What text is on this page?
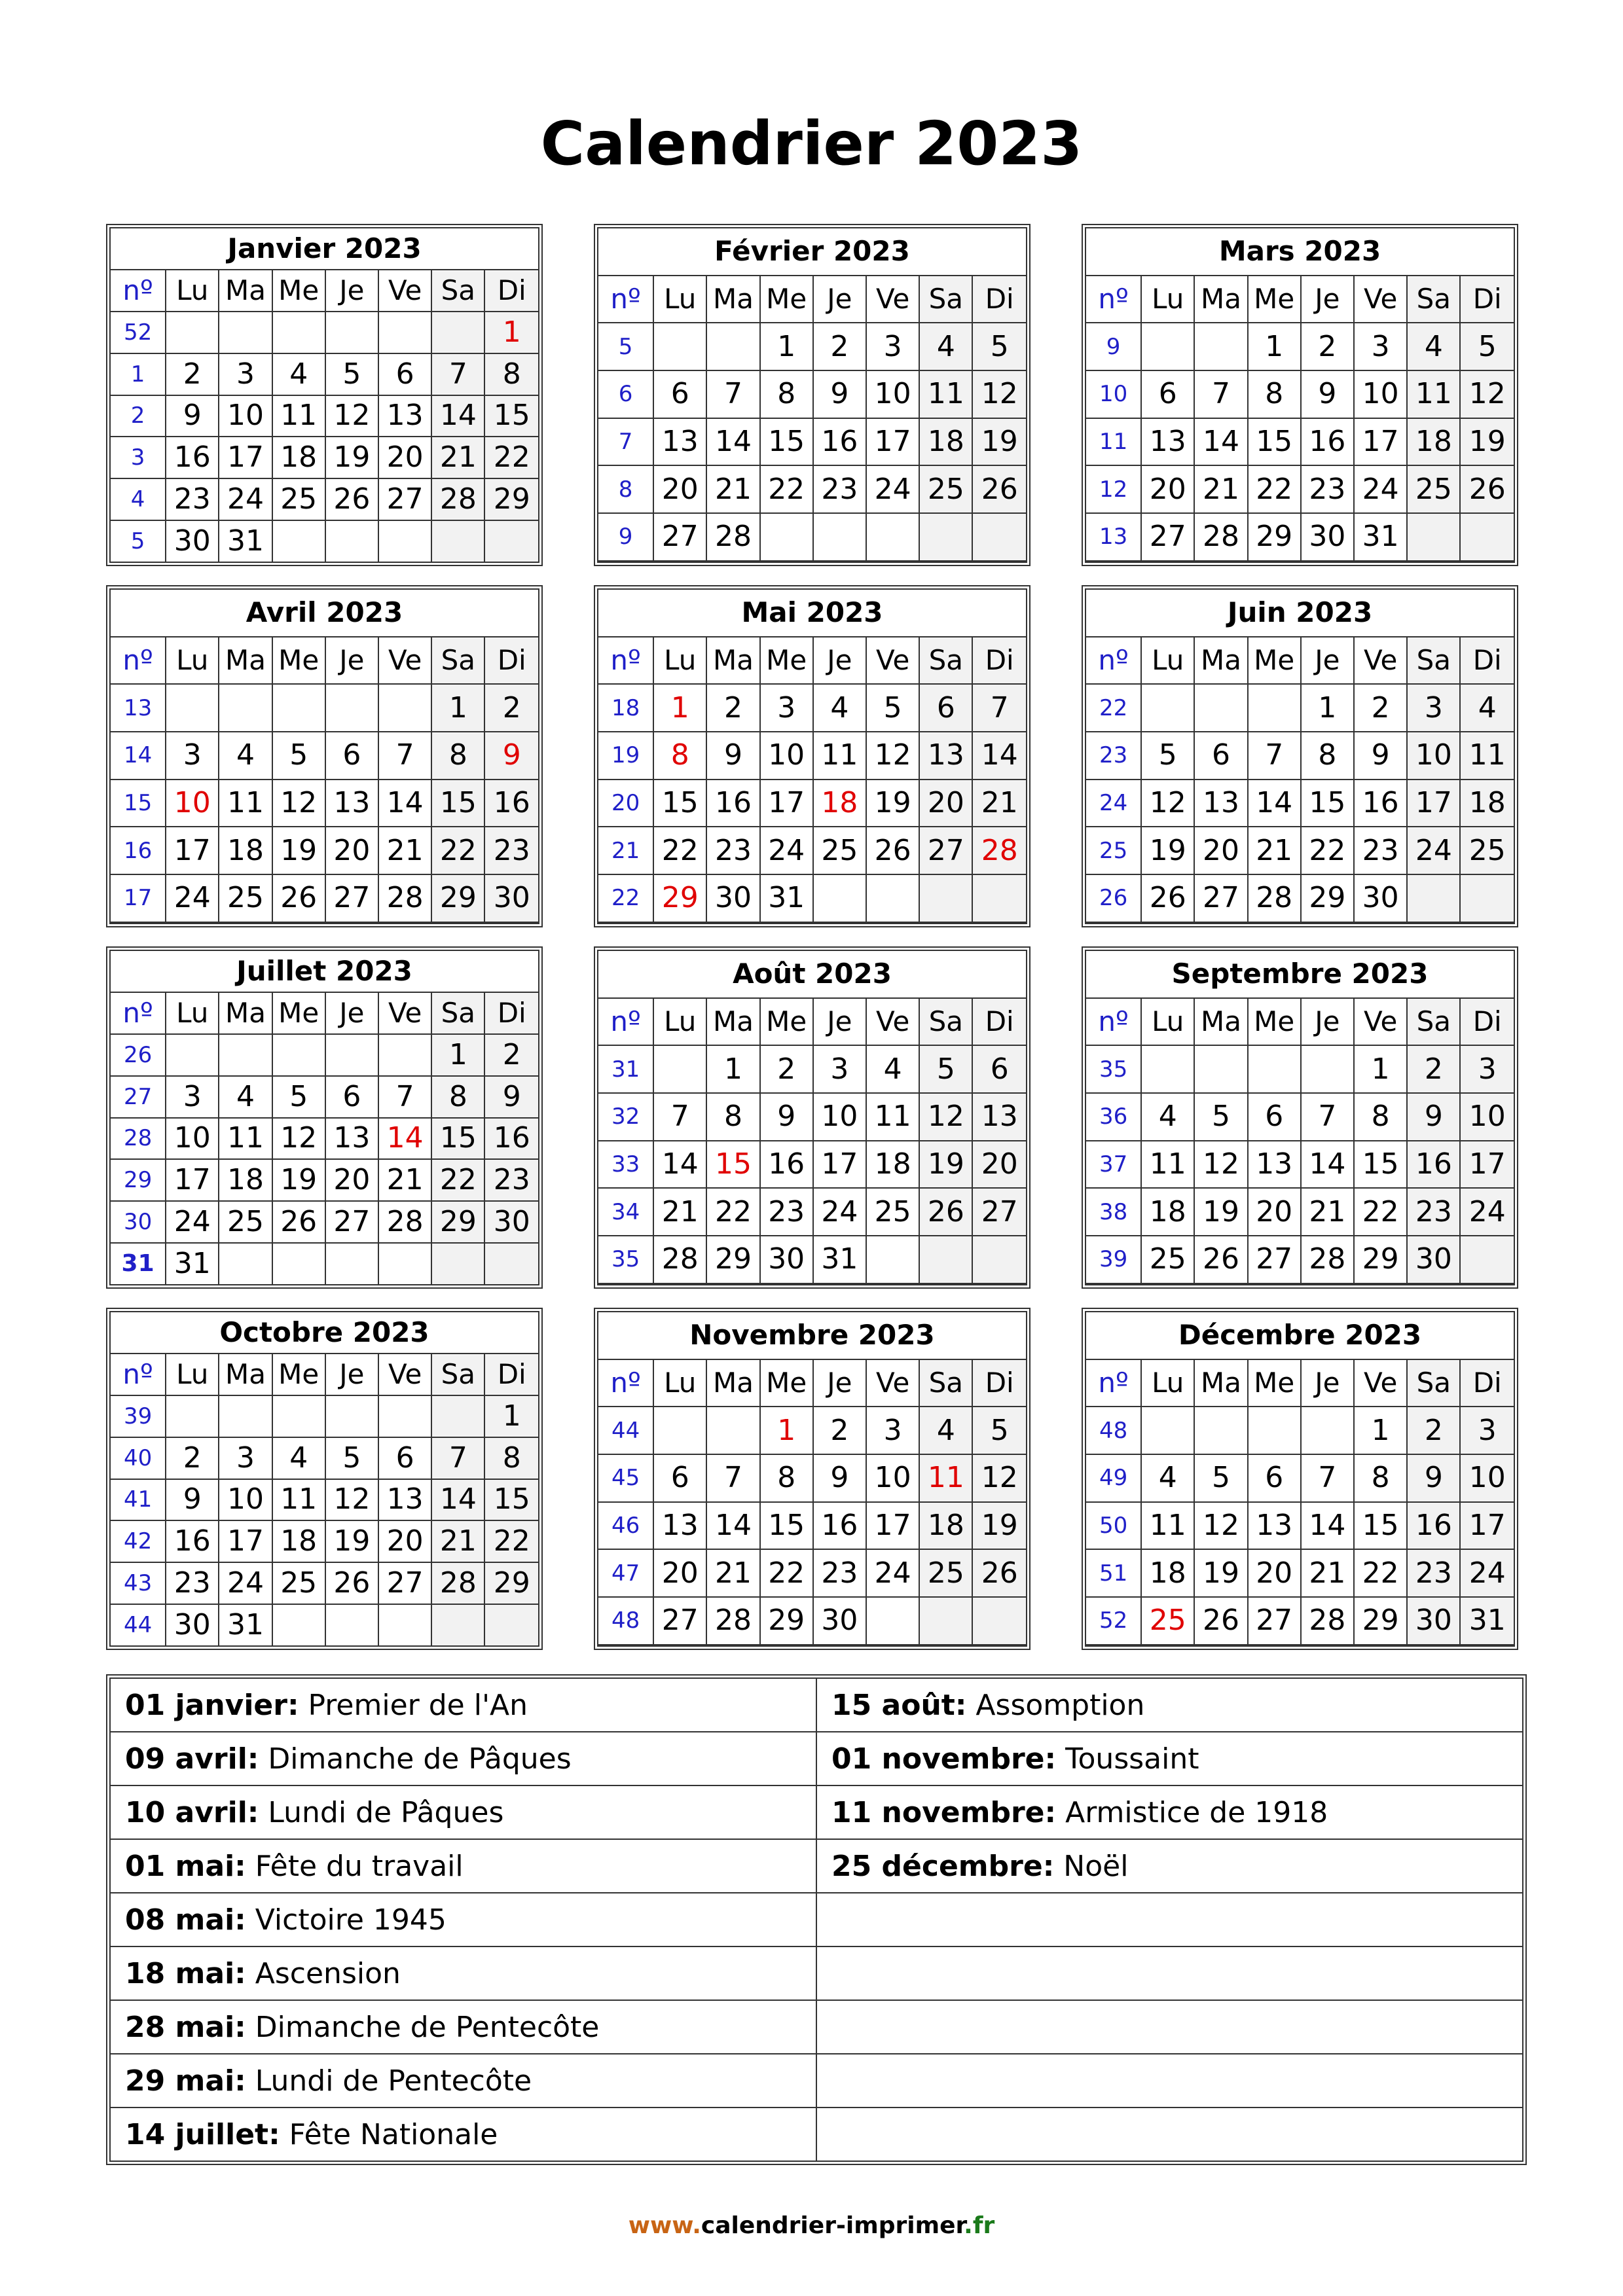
Calendrier 2023
Janvier 2023							
nº	Lu	Ma	Me	Je	Ve	Sa	Di
52							1
1	2	3	4	5	6	7	8
2	9	10	11	12	13	14	15
3	16	17	18	19	20	21	22
4	23	24	25	26	27	28	29
5	30	31					
Février 2023							
nº	Lu	Ma	Me	Je	Ve	Sa	Di
5			1	2	3	4	5
6	6	7	8	9	10	11	12
7	13	14	15	16	17	18	19
8	20	21	22	23	24	25	26
9	27	28					

Mars 2023							
nº	Lu	Ma	Me	Je	Ve	Sa	Di
9			1	2	3	4	5
10	6	7	8	9	10	11	12
11	13	14	15	16	17	18	19
12	20	21	22	23	24	25	26
13	27	28	29	30	31		

Avril 2023							
nº	Lu	Ma	Me	Je	Ve	Sa	Di
13						1	2
14	3	4	5	6	7	8	9
15	10	11	12	13	14	15	16
16	17	18	19	20	21	22	23
17	24	25	26	27	28	29	30

Mai 2023							
nº	Lu	Ma	Me	Je	Ve	Sa	Di
18	1	2	3	4	5	6	7
19	8	9	10	11	12	13	14
20	15	16	17	18	19	20	21
21	22	23	24	25	26	27	28
22	29	30	31				

Juin 2023							
nº	Lu	Ma	Me	Je	Ve	Sa	Di
22				1	2	3	4
23	5	6	7	8	9	10	11
24	12	13	14	15	16	17	18
25	19	20	21	22	23	24	25
26	26	27	28	29	30		

Juillet 2023							
nº	Lu	Ma	Me	Je	Ve	Sa	Di
26						1	2
27	3	4	5	6	7	8	9
28	10	11	12	13	14	15	16
29	17	18	19	20	21	22	23
30	24	25	26	27	28	29	30
31	31						
Août 2023							
nº	Lu	Ma	Me	Je	Ve	Sa	Di
31		1	2	3	4	5	6
32	7	8	9	10	11	12	13
33	14	15	16	17	18	19	20
34	21	22	23	24	25	26	27
35	28	29	30	31			

Septembre 2023							
nº	Lu	Ma	Me	Je	Ve	Sa	Di
35					1	2	3
36	4	5	6	7	8	9	10
37	11	12	13	14	15	16	17
38	18	19	20	21	22	23	24
39	25	26	27	28	29	30	

Octobre 2023							
nº	Lu	Ma	Me	Je	Ve	Sa	Di
39							1
40	2	3	4	5	6	7	8
41	9	10	11	12	13	14	15
42	16	17	18	19	20	21	22
43	23	24	25	26	27	28	29
44	30	31					
Novembre 2023							
nº	Lu	Ma	Me	Je	Ve	Sa	Di
44			1	2	3	4	5
45	6	7	8	9	10	11	12
46	13	14	15	16	17	18	19
47	20	21	22	23	24	25	26
48	27	28	29	30			

Décembre 2023							
nº	Lu	Ma	Me	Je	Ve	Sa	Di
48					1	2	3
49	4	5	6	7	8	9	10
50	11	12	13	14	15	16	17
51	18	19	20	21	22	23	24
52	25	26	27	28	29	30	31

01 janvier: Premier de l'An	15 août: Assomption
09 avril: Dimanche de Pâques	01 novembre: Toussaint
10 avril: Lundi de Pâques	11 novembre: Armistice de 1918
01 mai: Fête du travail	25 décembre: Noël
08 mai: Victoire 1945	
18 mai: Ascension	
28 mai: Dimanche de Pentecôte	
29 mai: Lundi de Pentecôte	
14 juillet: Fête Nationale	
www.calendrier-imprimer.fr
